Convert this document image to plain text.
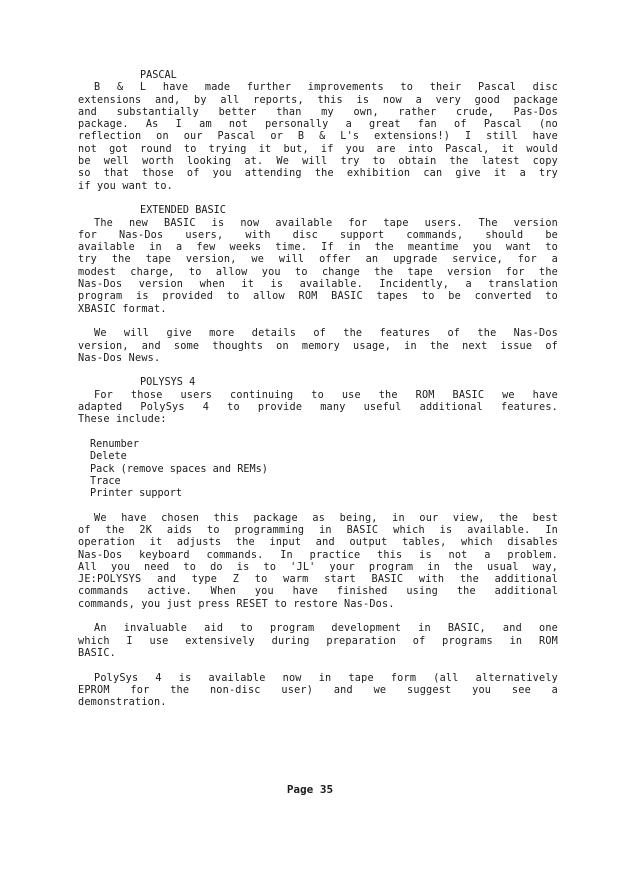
PASCAL
B & L have made further improvements to their Pascal disc
extensions and, by all reports, this is now a very good package
and substantially better than my own, rather crude, Pas-Dos
package. As I am not personally a great fan of Pascal (no
reflection on our Pascal or B & L's extensions!) I still have
not got round to trying it but, if you are into Pascal, it would
be well worth looking at. We will try to obtain the latest copy
so that those of you attending the exhibition can give it a try
if you want to.
EXTENDED BASIC
The new BASIC is now available for tape users. The version
for Nas-Dos users, with disc support commands, should be
available in a few weeks time. If in the meantime you want to
try the tape version, we will offer an upgrade service, for a
modest charge, to allow you to change the tape version for the
Nas-Dos version when it is available. Incidently, a translation
program is provided to allow ROM BASIC tapes to be converted to
XBASIC format.
We will give more details of the features of the Nas-Dos
version, and some thoughts on memory usage, in the next issue of
Nas-Dos News.
POLYSYS 4
For those users continuing to use the ROM BASIC we have
adapted PolySys 4 to provide many useful additional features.
These include:
Renumber
Delete
Pack (remove spaces and REMs)
Trace
Printer support
We have chosen this package as being, in our view, the best
of the 2K aids to programming in BASIC which is available. In
operation it adjusts the input and output tables, which disables
Nas-Dos keyboard commands. In practice this is not a problem.
All you need to do is to 'JL' your program in the usual way,
JE:POLYSYS and type Z to warm start BASIC with the additional
commands active. When you have finished using the additional
commands, you just press RESET to restore Nas-Dos.
An invaluable aid to program development in BASIC, and one
which I use extensively during preparation of programs in ROM
BASIC.
PolySys 4 is available now in tape form (all alternatively
EPROM for the non-disc user) and we suggest you see a
demonstration.
Page 35
